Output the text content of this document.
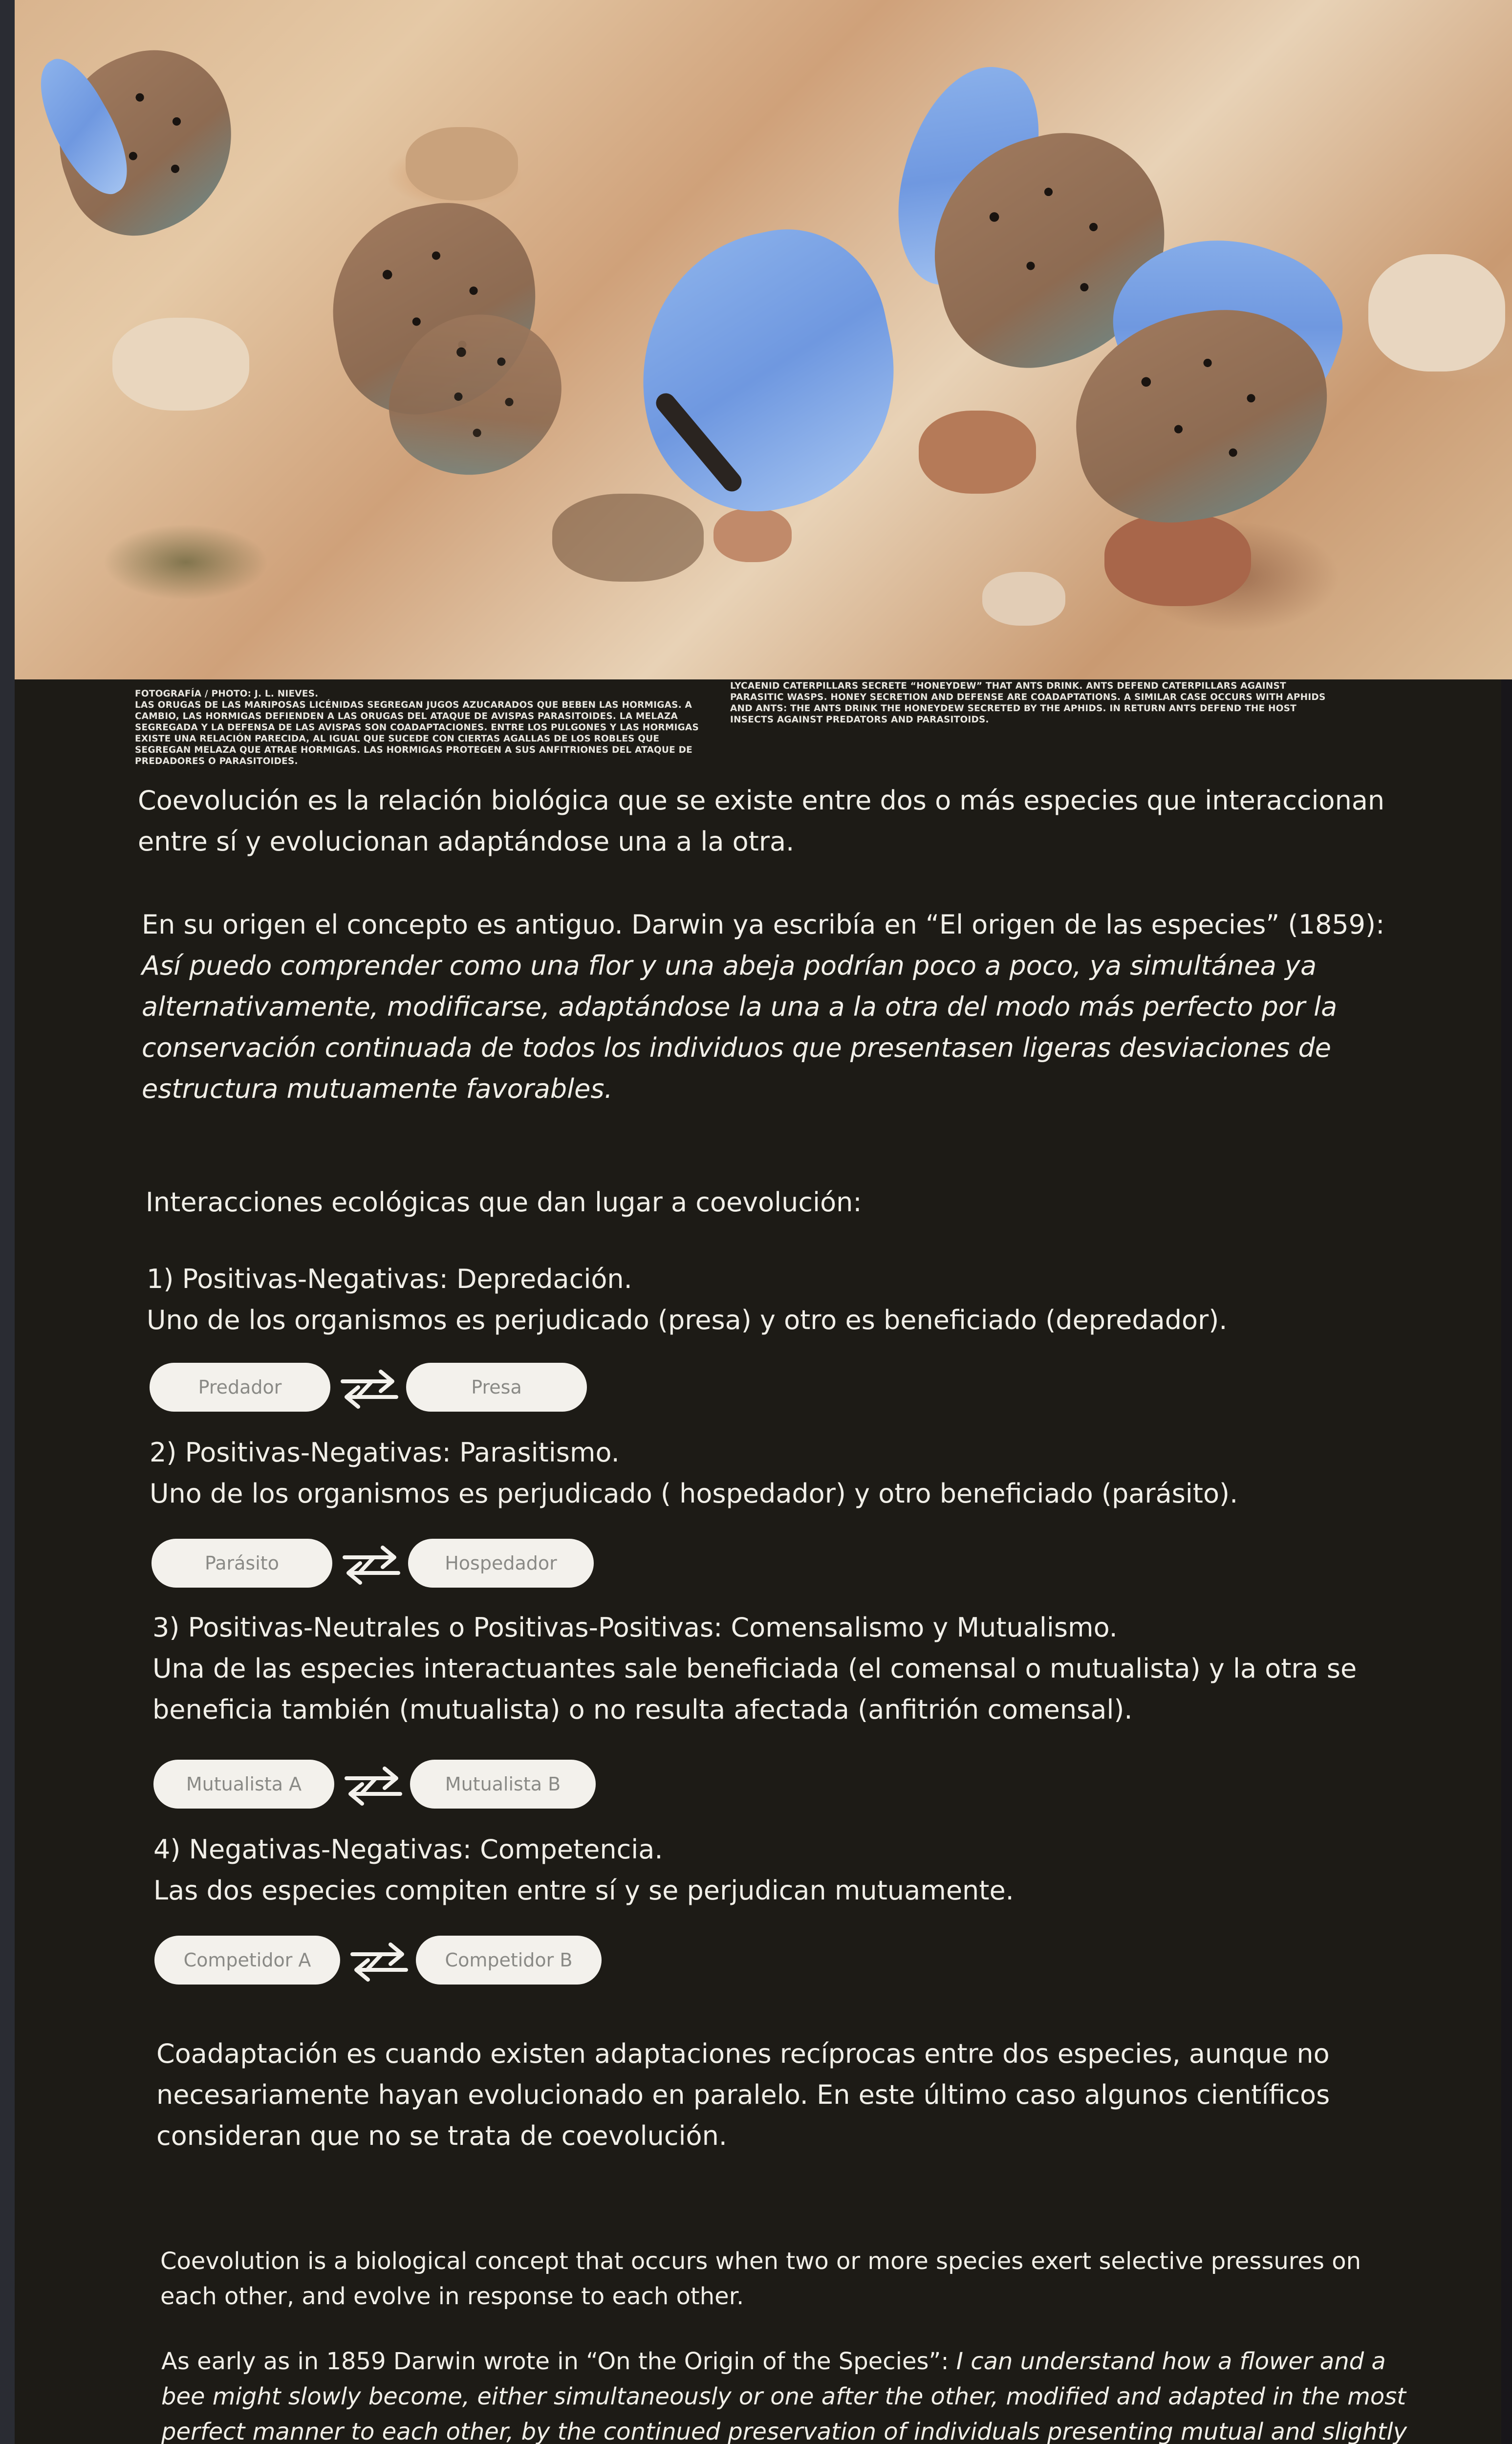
FOTOGRAFÍA / PHOTO: J. L. NIEVES.
LAS ORUGAS DE LAS MARIPOSAS LICÉNIDAS SEGREGAN JUGOS AZUCARADOS QUE BEBEN LAS HORMIGAS. A CAMBIO, LAS HORMIGAS DEFIENDEN A LAS ORUGAS DEL ATAQUE DE AVISPAS PARASITOIDES. LA MELAZA SEGREGADA Y LA DEFENSA DE LAS AVISPAS SON COADAPTACIONES. ENTRE LOS PULGONES Y LAS HORMIGAS EXISTE UNA RELACIÓN PARECIDA, AL IGUAL QUE SUCEDE CON CIERTAS AGALLAS DE LOS ROBLES QUE SEGREGAN MELAZA QUE ATRAE HORMIGAS. LAS HORMIGAS PROTEGEN A SUS ANFITRIONES DEL ATAQUE DE PREDADORES O PARASITOIDES.
LYCAENID CATERPILLARS SECRETE “HONEYDEW” THAT ANTS DRINK. ANTS DEFEND CATERPILLARS AGAINST PARASITIC WASPS. HONEY SECRETION AND DEFENSE ARE COADAPTATIONS. A SIMILAR CASE OCCURS WITH APHIDS AND ANTS: THE ANTS DRINK THE HONEYDEW SECRETED BY THE APHIDS. IN RETURN ANTS DEFEND THE HOST INSECTS AGAINST PREDATORS AND PARASITOIDS.
Coevolución es la relación biológica que se existe entre dos o más especies que interaccionan entre sí y evolucionan adaptándose una a la otra.
En su origen el concepto es antiguo. Darwin ya escribía en “El origen de las especies” (1859): Así puedo comprender como una flor y una abeja podrían poco a poco, ya simultánea ya alternativamente, modificarse, adaptándose la una a la otra del modo más perfecto por la conservación continuada de todos los individuos que presentasen ligeras desviaciones de estructura mutuamente favorables.
Interacciones ecológicas que dan lugar a coevolución:
1) Positivas-Negativas: Depredación.
Uno de los organismos es perjudicado (presa) y otro es beneficiado (depredador).
Predador	Presa
2) Positivas-Negativas: Parasitismo.
Uno de los organismos es perjudicado ( hospedador) y otro beneficiado (parásito).
Parásito	Hospedador
3) Positivas-Neutrales o Positivas-Positivas: Comensalismo y Mutualismo.
Una de las especies interactuantes sale beneficiada (el comensal o mutualista) y la otra se beneficia también (mutualista) o no resulta afectada (anfitrión comensal).
Mutualista A	Mutualista B
4) Negativas-Negativas: Competencia.
Las dos especies compiten entre sí y se perjudican mutuamente.
Competidor A	Competidor B
Coadaptación es cuando existen adaptaciones recíprocas entre dos especies, aunque no necesariamente hayan evolucionado en paralelo. En este último caso algunos científicos consideran que no se trata de coevolución.
Coevolution is a biological concept that occurs when two or more species exert selective pressures on each other, and evolve in response to each other.
As early as in 1859 Darwin wrote in “On the Origin of the Species”: I can understand how a flower and a bee might slowly become, either simultaneously or one after the other, modified and adapted in the most perfect manner to each other, by the continued preservation of individuals presenting mutual and slightly
